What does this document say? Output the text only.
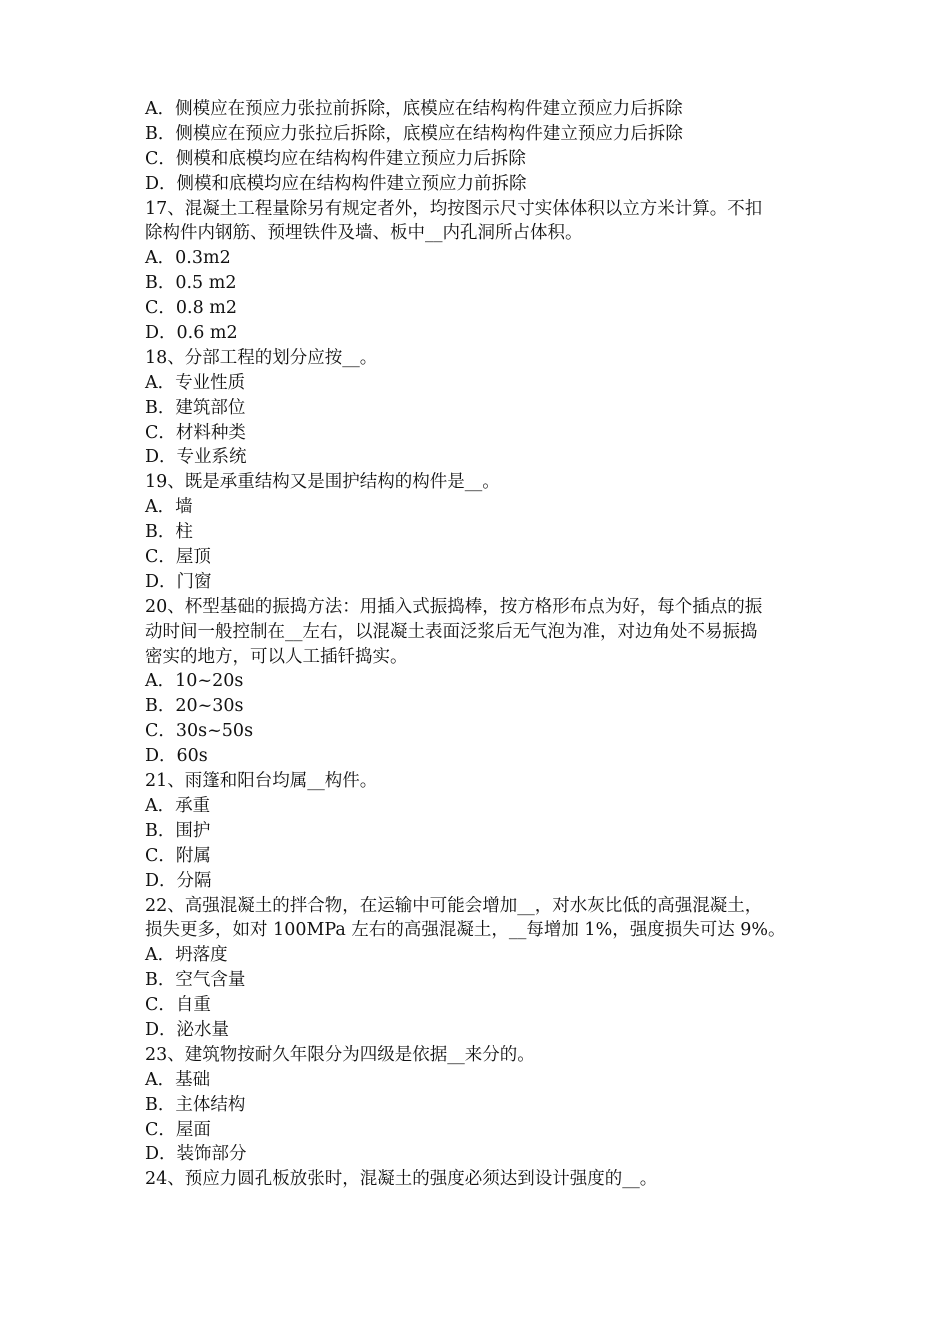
A．侧模应在预应力张拉前拆除，底模应在结构构件建立预应力后拆除
B．侧模应在预应力张拉后拆除，底模应在结构构件建立预应力后拆除
C．侧模和底模均应在结构构件建立预应力后拆除
D．侧模和底模均应在结构构件建立预应力前拆除
17、混凝土工程量除另有规定者外，均按图示尺寸实体体积以立方米计算。不扣
除构件内钢筋、预埋铁件及墙、板中__内孔洞所占体积。
A．0.3m2
B．0.5 m2
C．0.8 m2
D．0.6 m2
18、分部工程的划分应按__。
A．专业性质
B．建筑部位
C．材料种类
D．专业系统
19、既是承重结构又是围护结构的构件是__。
A．墙
B．柱
C．屋顶
D．门窗
20、杯型基础的振捣方法：用插入式振捣棒，按方格形布点为好，每个插点的振
动时间一般控制在__左右，以混凝土表面泛浆后无气泡为准，对边角处不易振捣
密实的地方，可以人工插钎捣实。
A．10~20s
B．20~30s
C．30s~50s
D．60s
21、雨篷和阳台均属__构件。
A．承重
B．围护
C．附属
D．分隔
22、高强混凝土的拌合物，在运输中可能会增加__，对水灰比低的高强混凝土，
损失更多，如对 100MPa 左右的高强混凝土，__每增加 1%，强度损失可达 9%。
A．坍落度
B．空气含量
C．自重
D．泌水量
23、建筑物按耐久年限分为四级是依据__来分的。
A．基础
B．主体结构
C．屋面
D．装饰部分
24、预应力圆孔板放张时，混凝土的强度必须达到设计强度的__。
